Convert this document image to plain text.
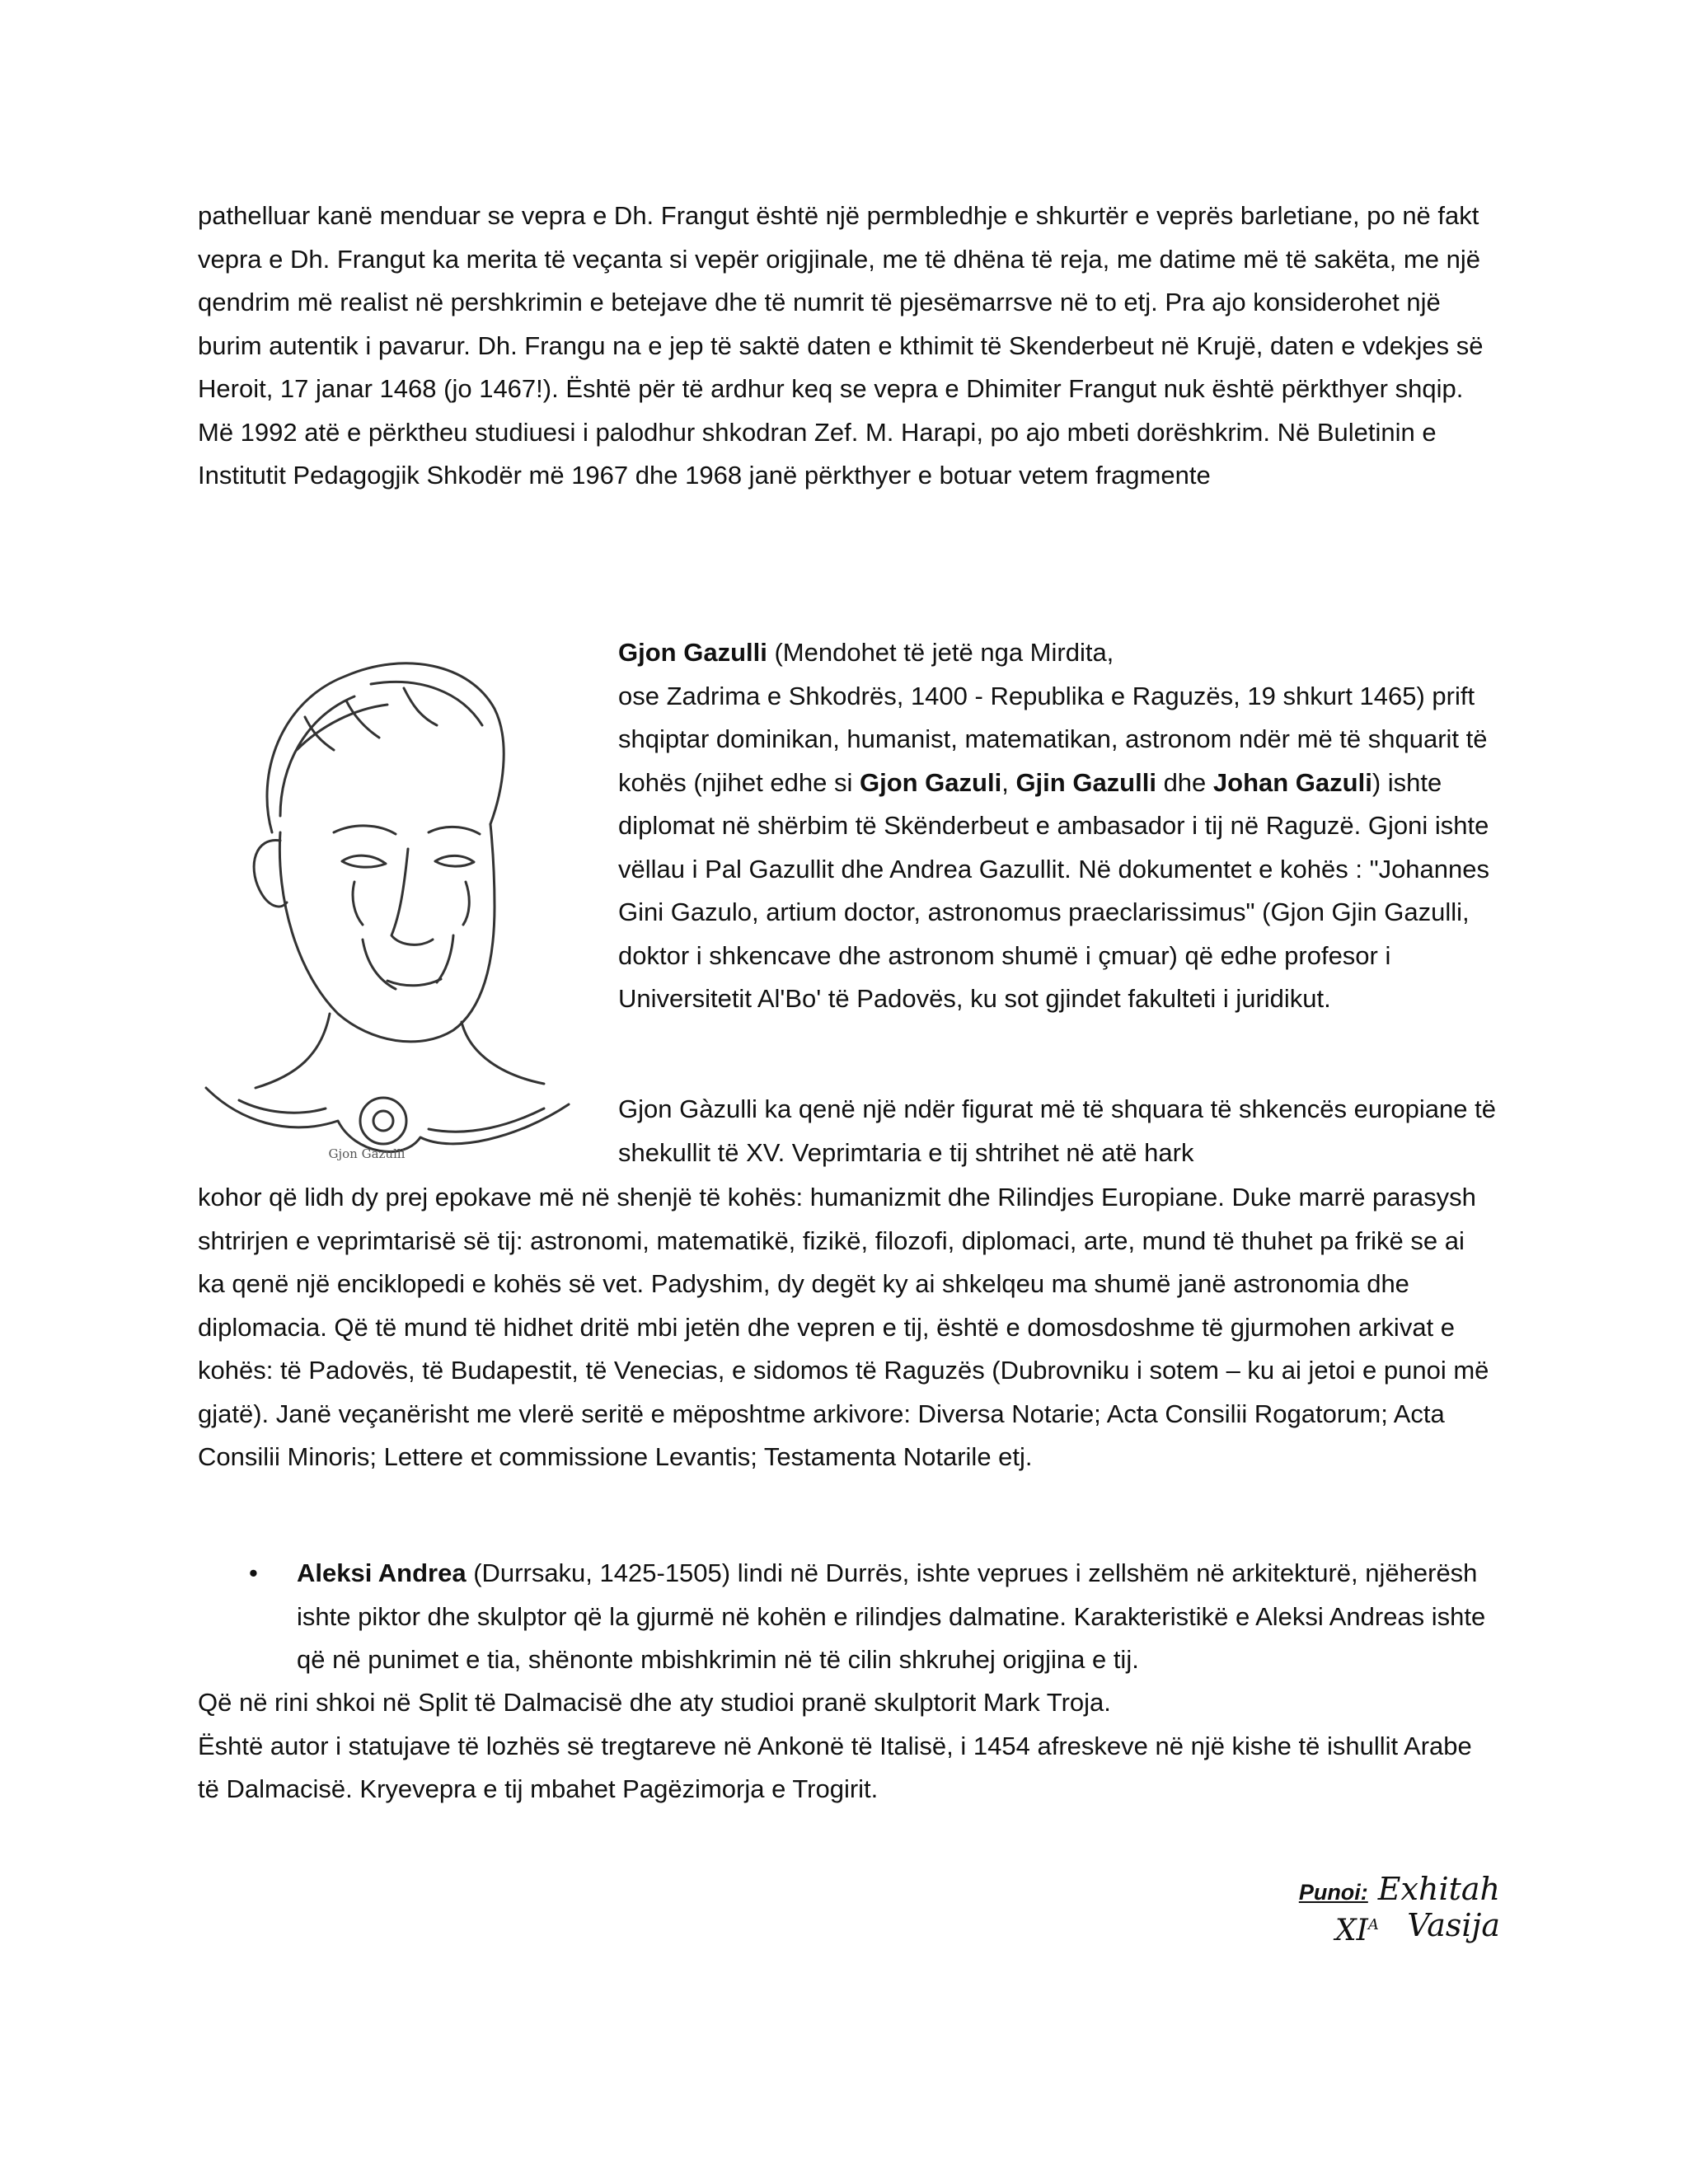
pathelluar kanë menduar se vepra e Dh. Frangut është një permbledhje e shkurtër e veprës barletiane, po në fakt vepra e Dh. Frangut ka merita të veçanta si vepër origjinale, me të dhëna të reja, me datime më të sakëta, me një qendrim më realist në pershkrimin e betejave dhe të numrit të pjesëmarrsve në to etj. Pra ajo konsiderohet një burim autentik i pavarur. Dh. Frangu na e jep të saktë daten e kthimit të Skenderbeut në Krujë, daten e vdekjes së Heroit, 17 janar 1468 (jo 1467!). Është për të ardhur keq se vepra e Dhimiter Frangut nuk është përkthyer shqip. Më 1992 atë e përktheu studiuesi i palodhur shkodran Zef. M. Harapi, po ajo mbeti dorëshkrim. Në Buletinin e Institutit Pedagogjik Shkodër më 1967 dhe 1968 janë përkthyer e botuar vetem fragmente
Gjon Gazulli
Gjon Gazulli (Mendohet të jetë nga Mirdita,
ose Zadrima e Shkodrës, 1400 - Republika e Raguzës, 19 shkurt 1465) prift shqiptar dominikan, humanist, matematikan, astronom ndër më të shquarit të kohës (njihet edhe si Gjon Gazuli, Gjin Gazulli dhe Johan Gazuli) ishte diplomat në shërbim të Skënderbeut e ambasador i tij në Raguzë. Gjoni ishte vëllau i Pal Gazullit dhe Andrea Gazullit. Në dokumentet e kohës : "Johannes Gini Gazulo, artium doctor, astronomus praeclarissimus" (Gjon Gjin Gazulli, doktor i shkencave dhe astronom shumë i çmuar) që edhe profesor i Universitetit Al'Bo' të Padovës, ku sot gjindet fakulteti i juridikut.
Gjon Gàzulli ka qenë një ndër figurat më të shquara të shkencës europiane të shekullit të XV. Veprimtaria e tij shtrihet në atë hark
kohor që lidh dy prej epokave më në shenjë të kohës: humanizmit dhe Rilindjes Europiane. Duke marrë parasysh shtrirjen e veprimtarisë së tij: astronomi, matematikë, fizikë, filozofi, diplomaci, arte, mund të thuhet pa frikë se ai ka qenë një enciklopedi e kohës së vet. Padyshim, dy degët ky ai shkelqeu ma shumë janë astronomia dhe diplomacia. Që të mund të hidhet dritë mbi jetën dhe vepren e tij, është e domosdoshme të gjurmohen arkivat e kohës: të Padovës, të Budapestit, të Venecias, e sidomos të Raguzës (Dubrovniku i sotem – ku ai jetoi e punoi më gjatë). Janë veçanërisht me vlerë seritë e mëposhtme arkivore: Diversa Notarie; Acta Consilii Rogatorum; Acta Consilii Minoris; Lettere et commissione Levantis; Testamenta Notarile etj.
• Aleksi Andrea (Durrsaku, 1425-1505) lindi në Durrës, ishte veprues i zellshëm në arkitekturë, njëherësh ishte piktor dhe skulptor që la gjurmë në kohën e rilindjes dalmatine. Karakteristikë e Aleksi Andreas ishte që në punimet e tia, shënonte mbishkrimin në të cilin shkruhej origjina e tij.
Që në rini shkoi në Split të Dalmacisë dhe aty studioi pranë skulptorit Mark Troja.
Është autor i statujave të lozhës së tregtareve në Ankonë të Italisë, i 1454 afreskeve në një kishe të ishullit Arabe të Dalmacisë. Kryevepra e tij mbahet Pagëzimorja e Trogirit.
Punoi: Exhitah Vasija
$XI^A$
